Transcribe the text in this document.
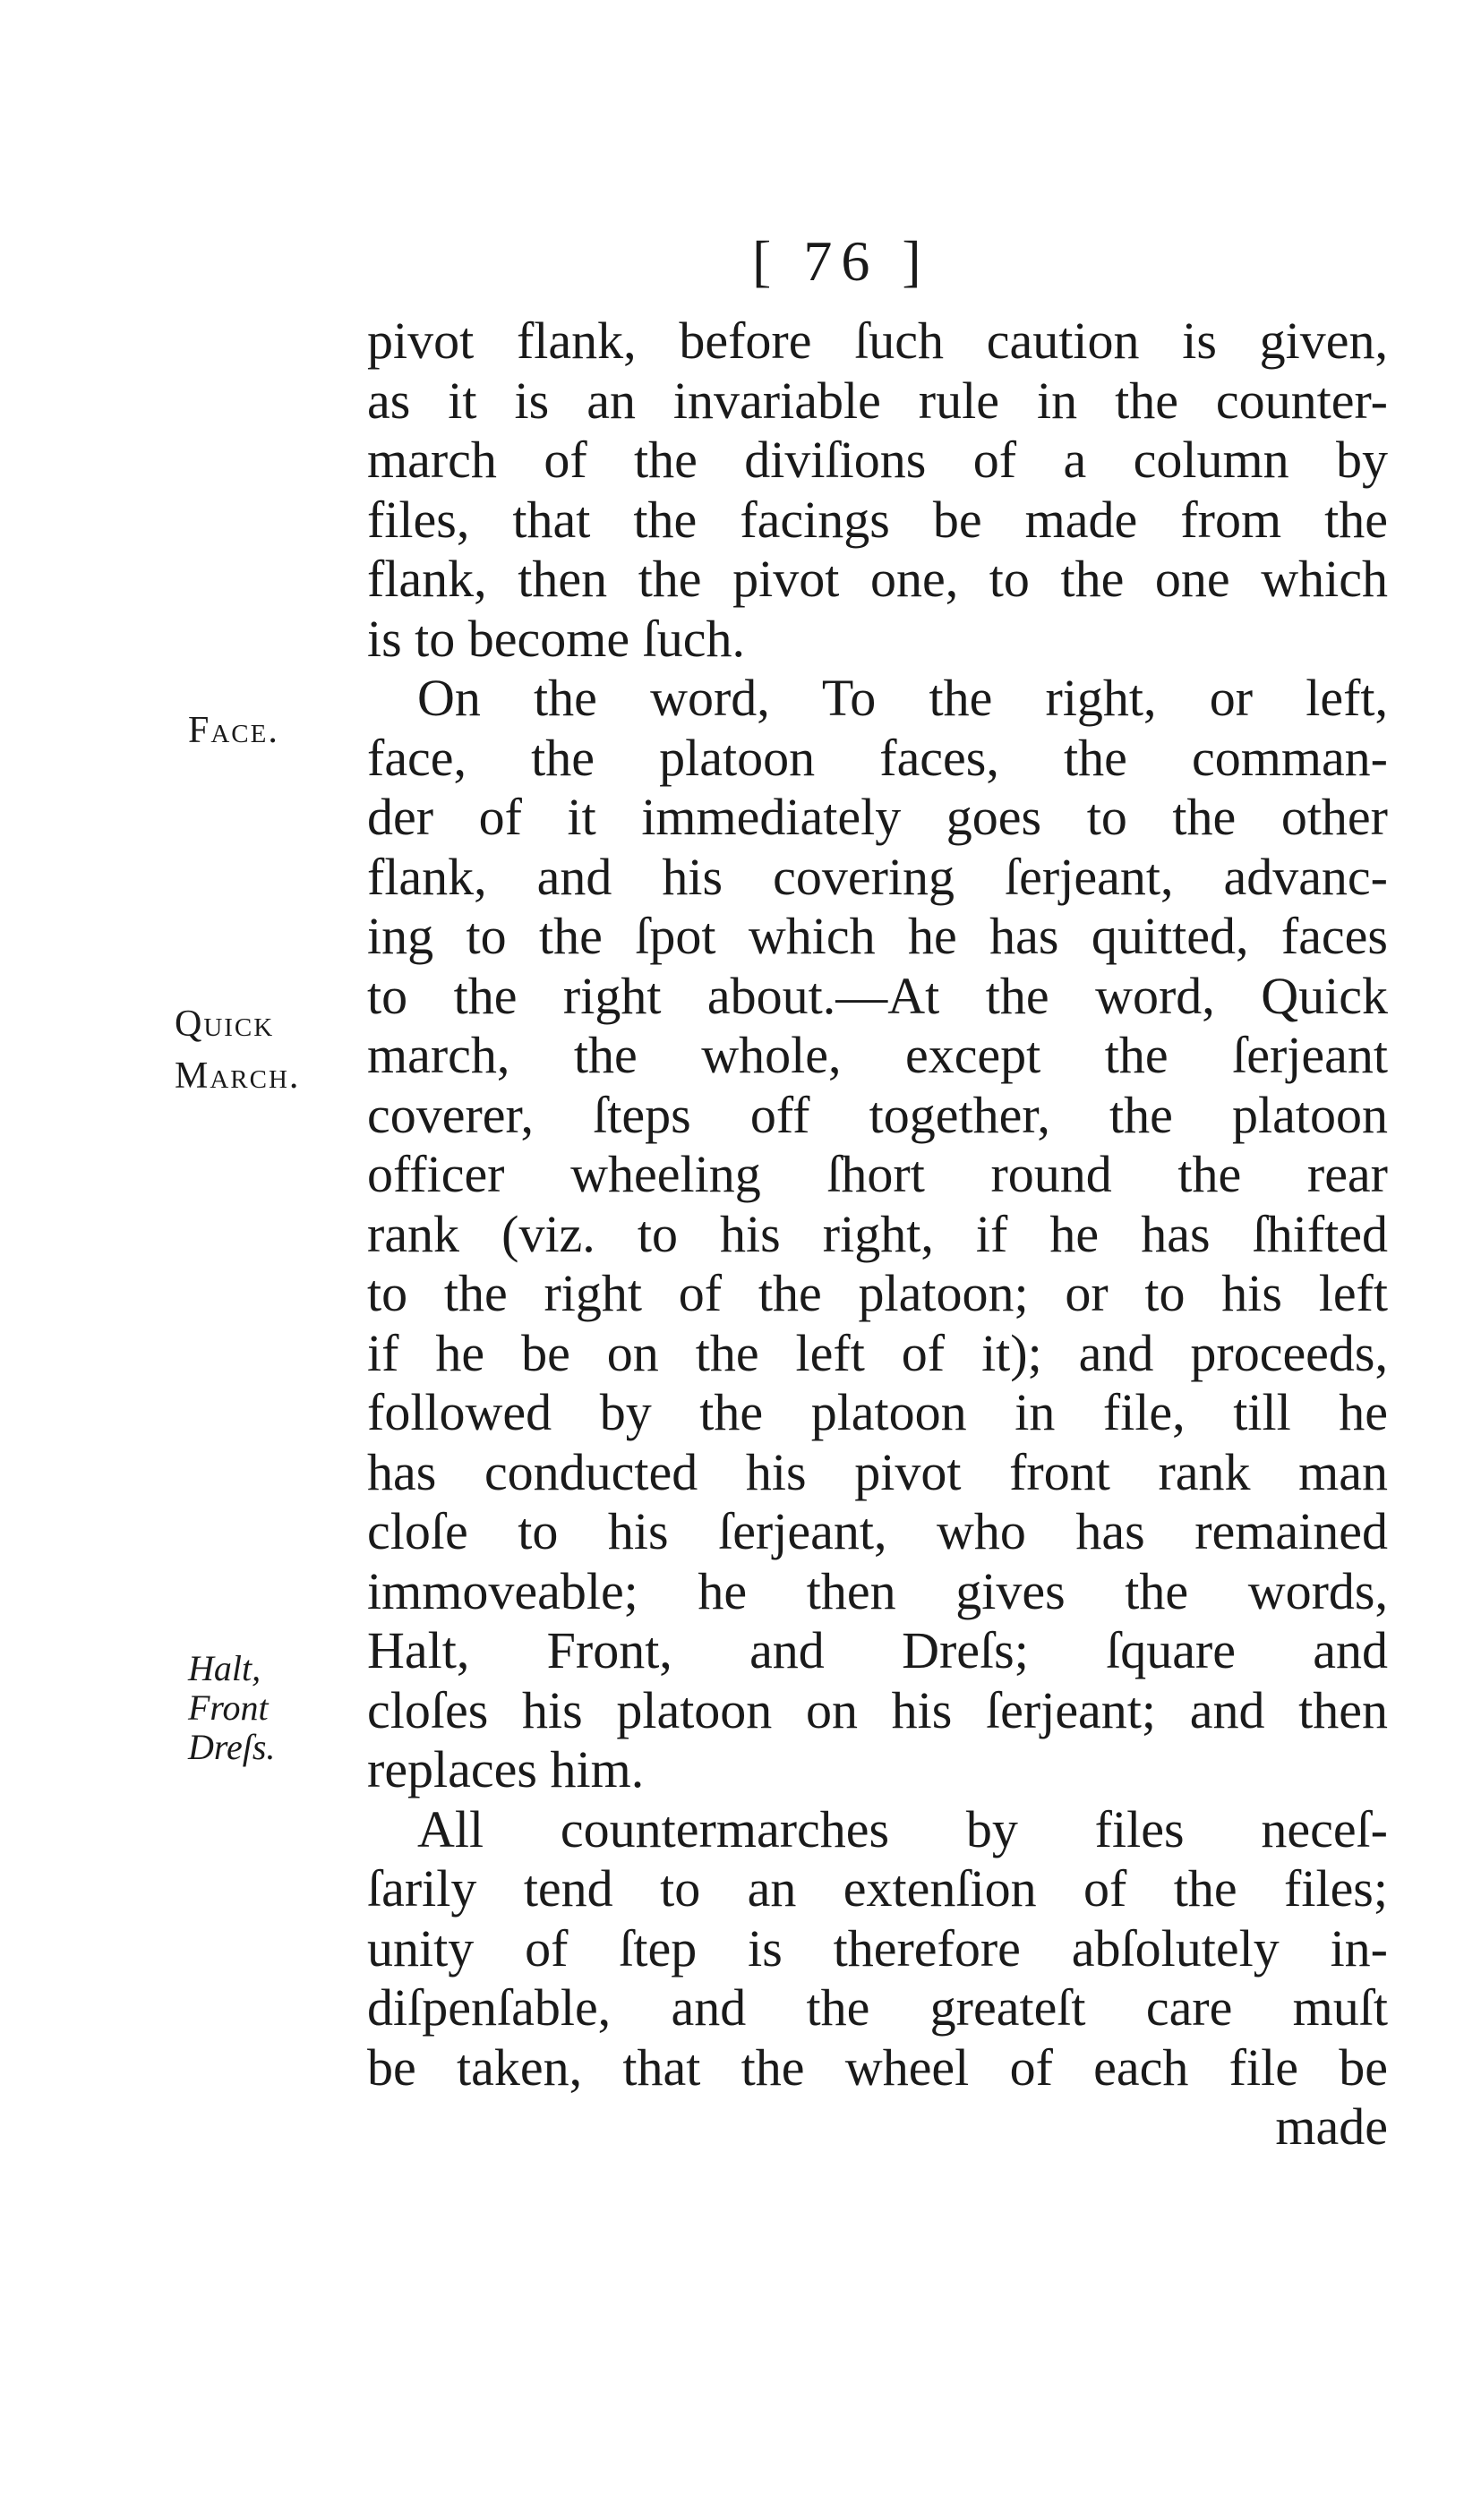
[ 76 ]
Face.
Quick
March.
Halt,
Front
Dreſs.
pivot flank, before ſuch caution is given,
as it is an invariable rule in the counter-
march of the diviſions of a column by
files, that the facings be made from the
flank, then the pivot one, to the one which
is to become ſuch.
On the word, To the right, or left,
face, the platoon faces, the comman-
der of it immediately goes to the other
flank, and his covering ſerjeant, advanc-
ing to the ſpot which he has quitted, faces
to the right about.—At the word, Quick
march, the whole, except the ſerjeant
coverer, ſteps off together, the platoon
officer wheeling ſhort round the rear
rank (viz. to his right, if he has ſhifted
to the right of the platoon; or to his left
if he be on the left of it); and proceeds,
followed by the platoon in file, till he
has conducted his pivot front rank man
cloſe to his ſerjeant, who has remained
immoveable; he then gives the words,
Halt, Front, and Dreſs; ſquare and
cloſes his platoon on his ſerjeant; and then
replaces him.
All countermarches by files neceſ-
ſarily tend to an extenſion of the files;
unity of ſtep is therefore abſolutely in-
diſpenſable, and the greateſt care muſt
be taken, that the wheel of each file be
made
